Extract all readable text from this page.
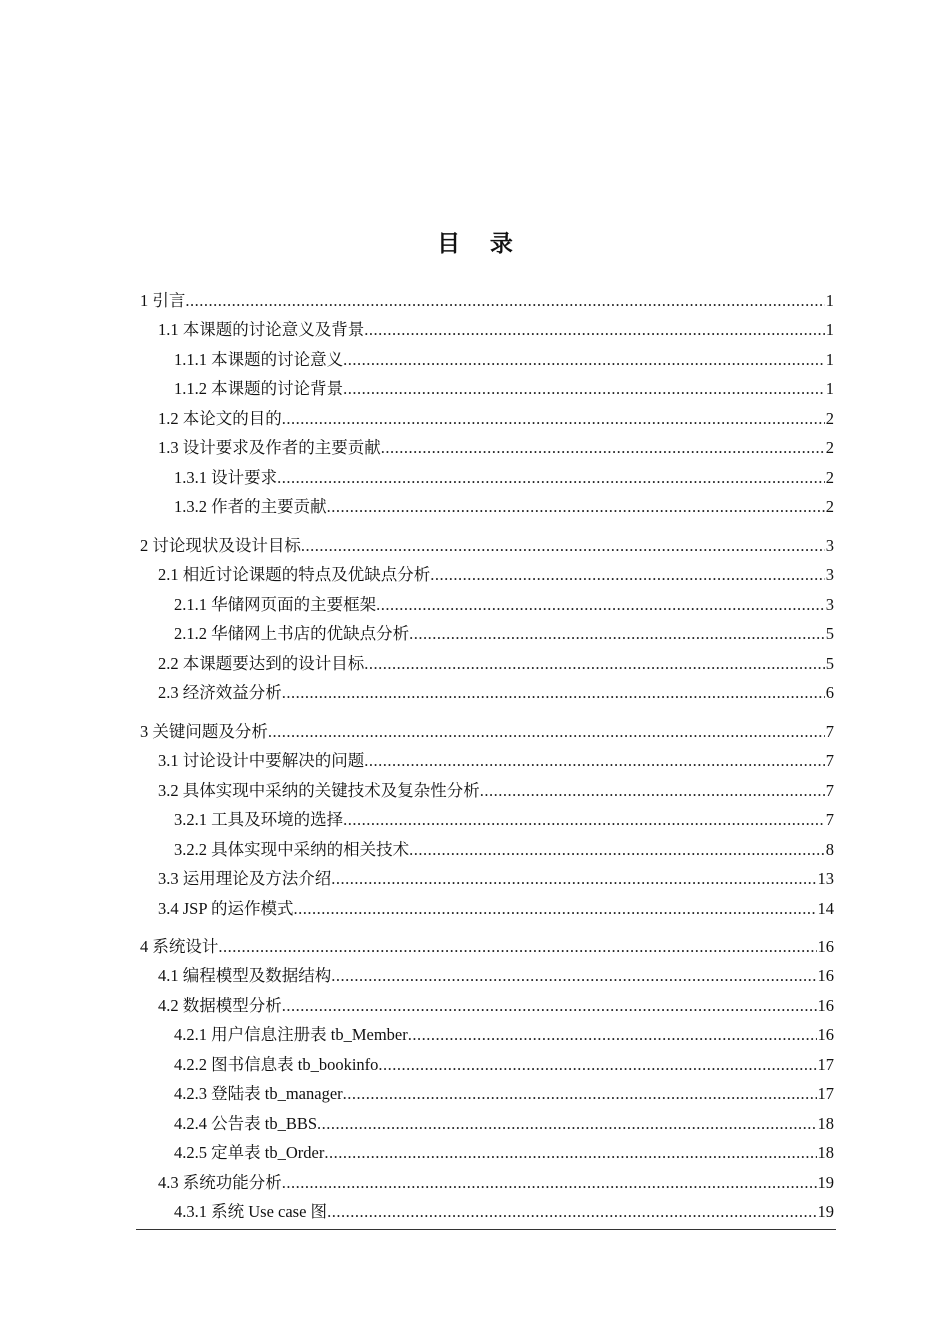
目 录
1 引言 .....	1
1.1 本课题的讨论意义及背景 .....	1
1.1.1 本课题的讨论意义 .....	1
1.1.2 本课题的讨论背景 .....	1
1.2 本论文的目的 .....	2
1.3 设计要求及作者的主要贡献 .....	2
1.3.1 设计要求 .....	2
1.3.2 作者的主要贡献 .....	2
2 讨论现状及设计目标 .....	3
2.1 相近讨论课题的特点及优缺点分析 .....	3
2.1.1 华储网页面的主要框架 .....	3
2.1.2 华储网上书店的优缺点分析 .....	5
2.2 本课题要达到的设计目标 .....	5
2.3 经济效益分析 .....	6
3 关键问题及分析 .....	7
3.1 讨论设计中要解决的问题 .....	7
3.2 具体实现中采纳的关键技术及复杂性分析 .....	7
3.2.1 工具及环境的选择 .....	7
3.2.2 具体实现中采纳的相关技术 .....	8
3.3 运用理论及方法介绍 .....	13
3.4 JSP 的运作模式 .....	14
4 系统设计 .....	16
4.1 编程模型及数据结构 .....	16
4.2 数据模型分析 .....	16
4.2.1 用户信息注册表 tb_Member .....	16
4.2.2 图书信息表 tb_bookinfo .....	17
4.2.3 登陆表 tb_manager .....	17
4.2.4 公告表 tb_BBS .....	18
4.2.5 定单表 tb_Order .....	18
4.3 系统功能分析 .....	19
4.3.1 系统 Use case 图 .....	19
